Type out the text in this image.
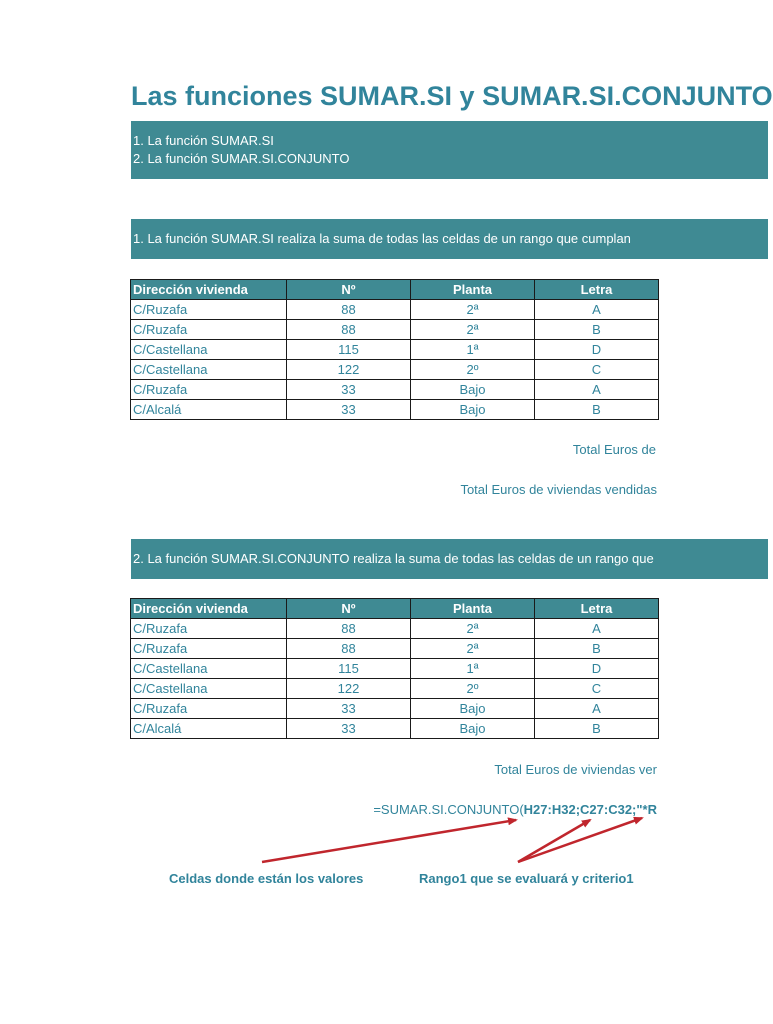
Las funciones SUMAR.SI y SUMAR.SI.CONJUNTO
1. La función SUMAR.SI
2. La función SUMAR.SI.CONJUNTO
1. La función SUMAR.SI realiza la suma de todas las celdas de un rango que cumplan
Dirección vivienda	Nº	Planta	Letra
C/Ruzafa	88	2ª	A
C/Ruzafa	88	2ª	B
C/Castellana	115	1ª	D
C/Castellana	122	2º	C
C/Ruzafa	33	Bajo	A
C/Alcalá	33	Bajo	B
Total Euros de
Total Euros de viviendas vendidas
2. La función SUMAR.SI.CONJUNTO realiza la suma de todas las celdas de un rango que
Dirección vivienda	Nº	Planta	Letra
C/Ruzafa	88	2ª	A
C/Ruzafa	88	2ª	B
C/Castellana	115	1ª	D
C/Castellana	122	2º	C
C/Ruzafa	33	Bajo	A
C/Alcalá	33	Bajo	B
Total Euros de viviendas ver
=SUMAR.SI.CONJUNTO(H27:H32;C27:C32;"*R
Celdas donde están los valores	Rango1 que se evaluará y criterio1
